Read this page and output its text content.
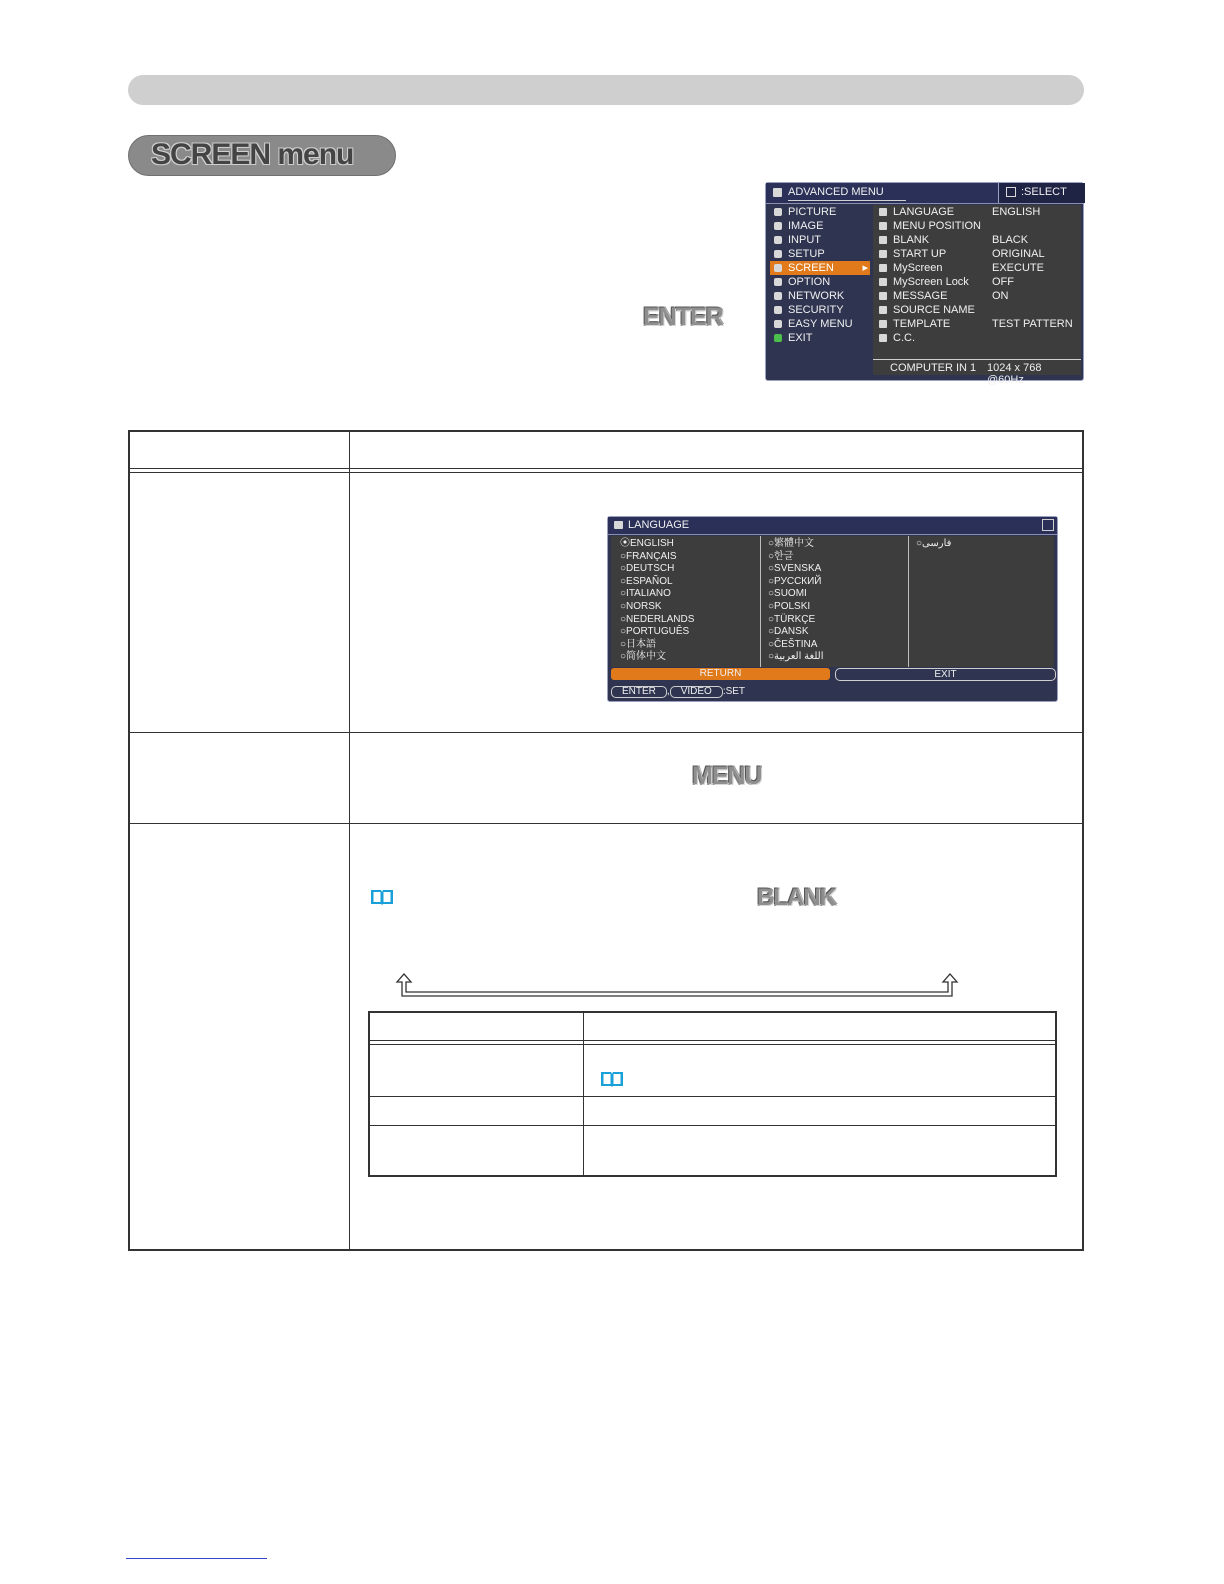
SCREEN menu
ENTER
ADVANCED MENU	:SELECT
PICTURE
IMAGE
INPUT
SETUP
SCREEN	▸
OPTION
NETWORK
SECURITY
EASY MENU
EXIT
LANGUAGE	ENGLISH
MENU POSITION
BLANK	BLACK
START UP	ORIGINAL
MyScreen	EXECUTE
MyScreen Lock OFF
MESSAGE	ON
SOURCE NAME
TEMPLATE	TEST PATTERN
C.C.
COMPUTER IN 1 1024 x 768 @60Hz
LANGUAGE
⦿ENGLISH
○FRANÇAIS
○DEUTSCH
○ESPAÑOL
○ITALIANO
○NORSK
○NEDERLANDS
○PORTUGUÊS
○日本語
○简体中文
○繁體中文
○한글
○SVENSKA
○РУССКИЙ
○SUOMI
○POLSKI
○TÜRKÇE
○DANSK
○ČEŠTINA
○اللغة العربية
○فارسی
RETURN	EXIT
ENTER , VIDEO :SET
MENU
BLANK
